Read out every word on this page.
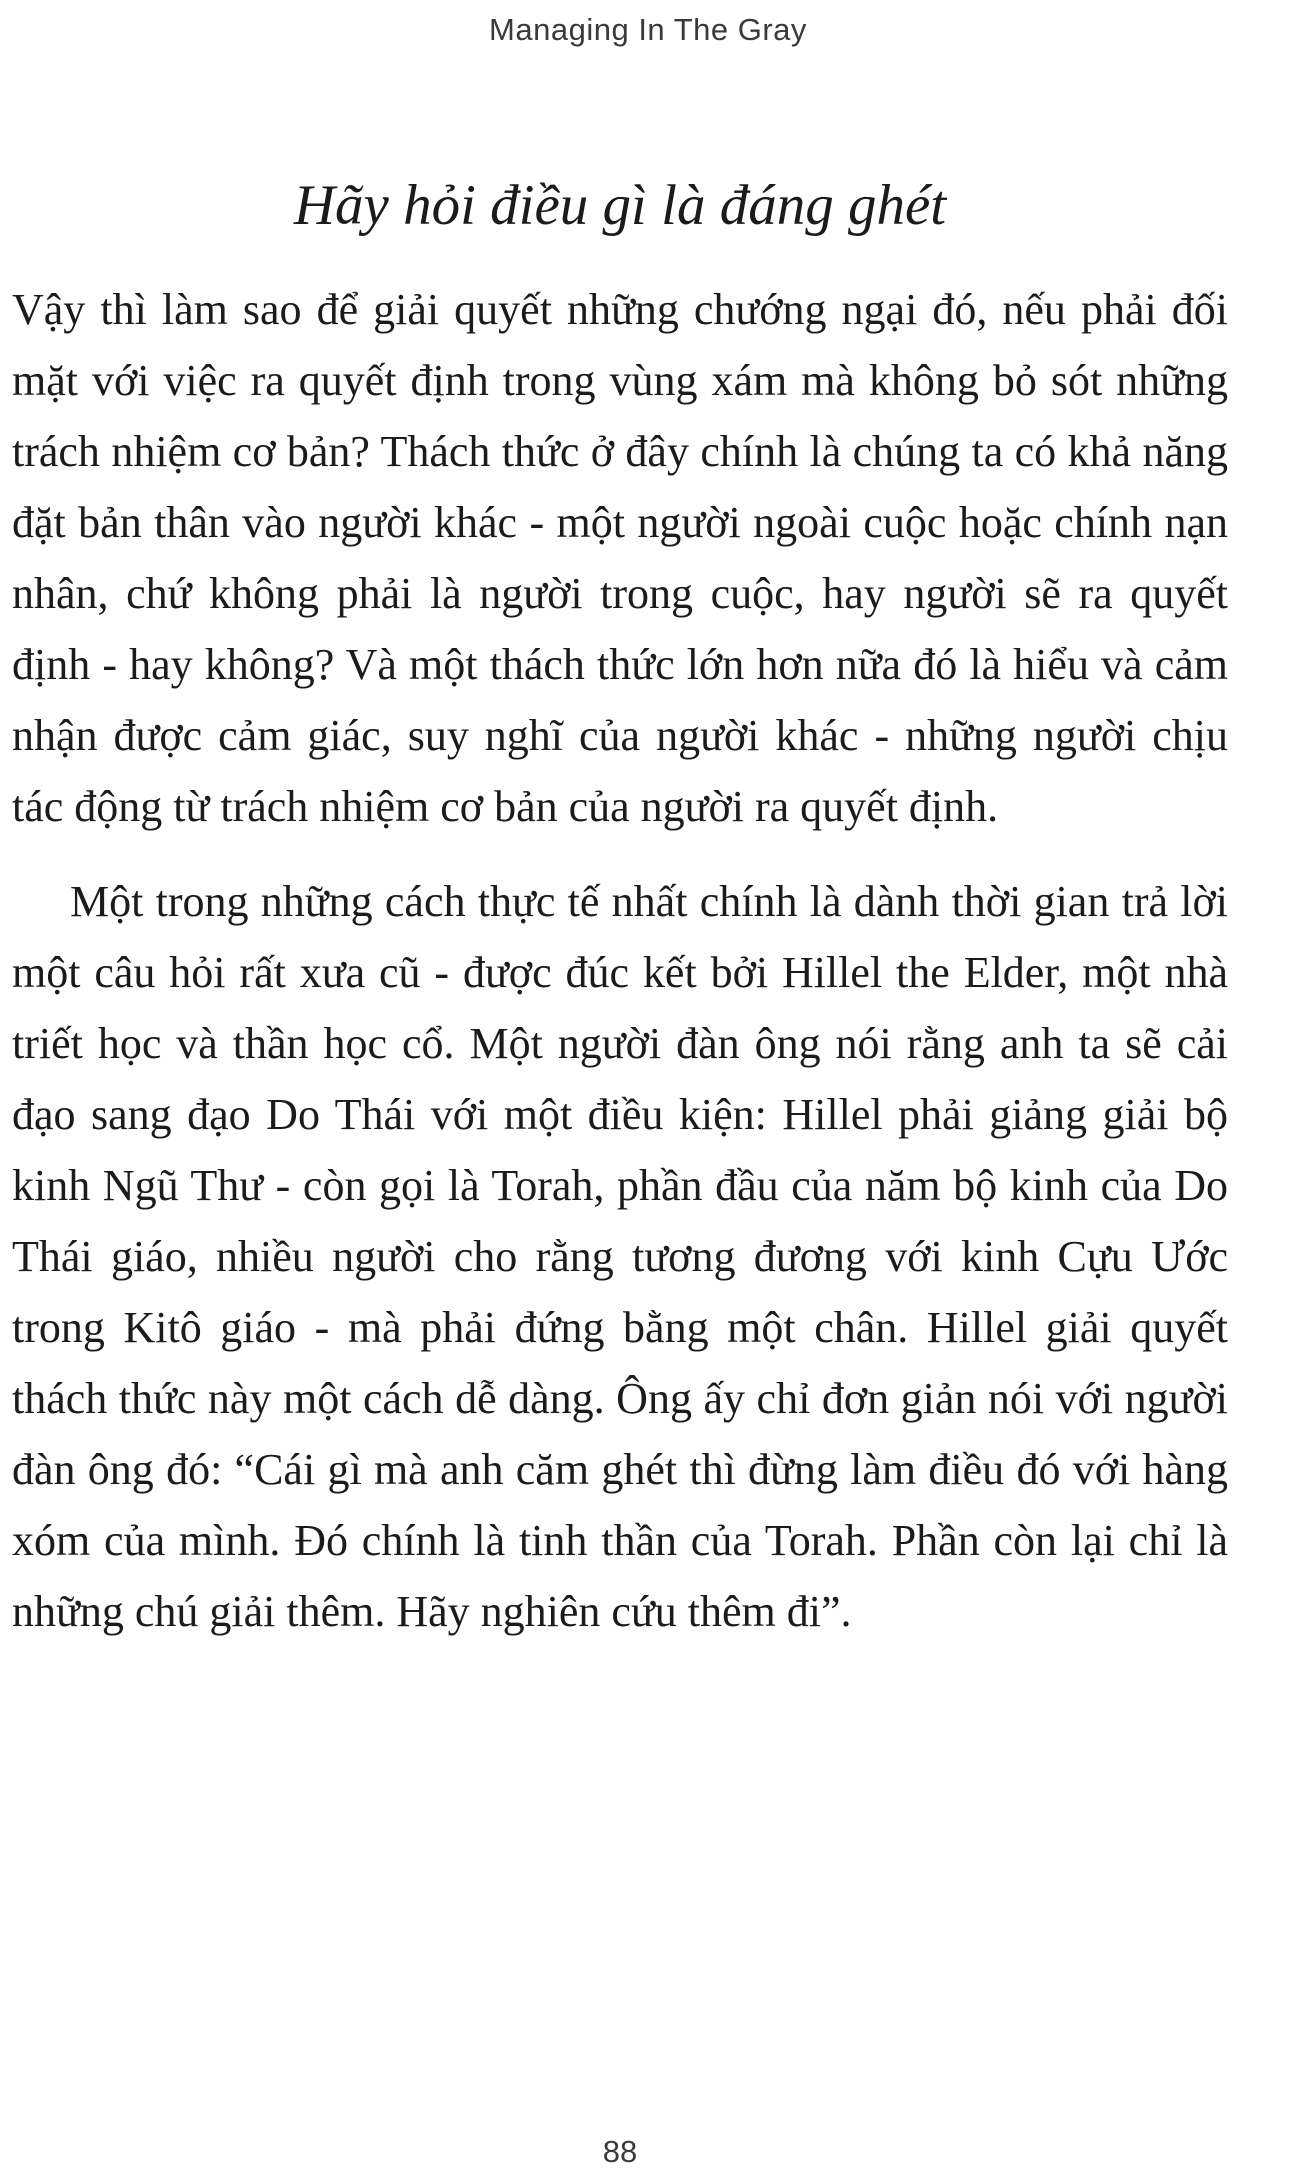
Managing In The Gray
Hãy hỏi điều gì là đáng ghét

Vậy thì làm sao để giải quyết những chướng ngại đó, nếu phải đối mặt với việc ra quyết định trong vùng xám mà không bỏ sót những trách nhiệm cơ bản? Thách thức ở đây chính là chúng ta có khả năng đặt bản thân vào người khác - một người ngoài cuộc hoặc chính nạn nhân, chứ không phải là người trong cuộc, hay người sẽ ra quyết định - hay không? Và một thách thức lớn hơn nữa đó là hiểu và cảm nhận được cảm giác, suy nghĩ của người khác - những người chịu tác động từ trách nhiệm cơ bản của người ra quyết định.

Một trong những cách thực tế nhất chính là dành thời gian trả lời một câu hỏi rất xưa cũ - được đúc kết bởi Hillel the Elder, một nhà triết học và thần học cổ. Một người đàn ông nói rằng anh ta sẽ cải đạo sang đạo Do Thái với một điều kiện: Hillel phải giảng giải bộ kinh Ngũ Thư - còn gọi là Torah, phần đầu của năm bộ kinh của Do Thái giáo, nhiều người cho rằng tương đương với kinh Cựu Ước trong Kitô giáo - mà phải đứng bằng một chân. Hillel giải quyết thách thức này một cách dễ dàng. Ông ấy chỉ đơn giản nói với người đàn ông đó: “Cái gì mà anh căm ghét thì đừng làm điều đó với hàng xóm của mình. Đó chính là tinh thần của Torah. Phần còn lại chỉ là những chú giải thêm. Hãy nghiên cứu thêm đi”.

88
